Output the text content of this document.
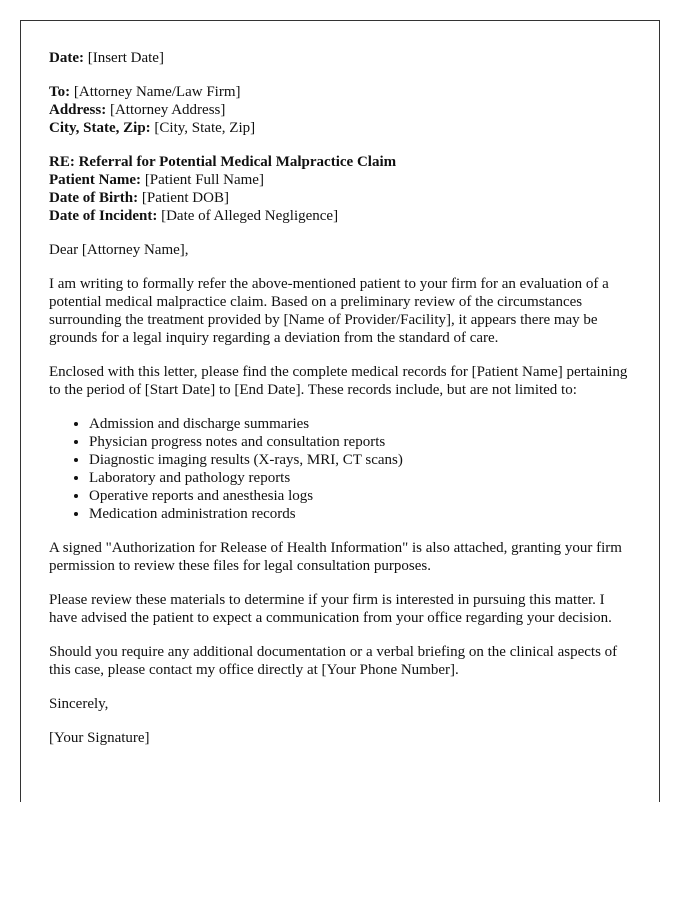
Date: [Insert Date]

To: [Attorney Name/Law Firm]
Address: [Attorney Address]
City, State, Zip: [City, State, Zip]

RE: Referral for Potential Medical Malpractice Claim
Patient Name: [Patient Full Name]
Date of Birth: [Patient DOB]
Date of Incident: [Date of Alleged Negligence]

Dear [Attorney Name],

I am writing to formally refer the above-mentioned patient to your firm for an evaluation of a potential medical malpractice claim. Based on a preliminary review of the circumstances surrounding the treatment provided by [Name of Provider/Facility], it appears there may be grounds for a legal inquiry regarding a deviation from the standard of care.

Enclosed with this letter, please find the complete medical records for [Patient Name] pertaining to the period of [Start Date] to [End Date]. These records include, but are not limited to:

• Admission and discharge summaries
• Physician progress notes and consultation reports
• Diagnostic imaging results (X-rays, MRI, CT scans)
• Laboratory and pathology reports
• Operative reports and anesthesia logs
• Medication administration records

A signed "Authorization for Release of Health Information" is also attached, granting your firm permission to review these files for legal consultation purposes.

Please review these materials to determine if your firm is interested in pursuing this matter. I have advised the patient to expect a communication from your office regarding your decision.

Should you require any additional documentation or a verbal briefing on the clinical aspects of this case, please contact my office directly at [Your Phone Number].

Sincerely,

[Your Signature]
